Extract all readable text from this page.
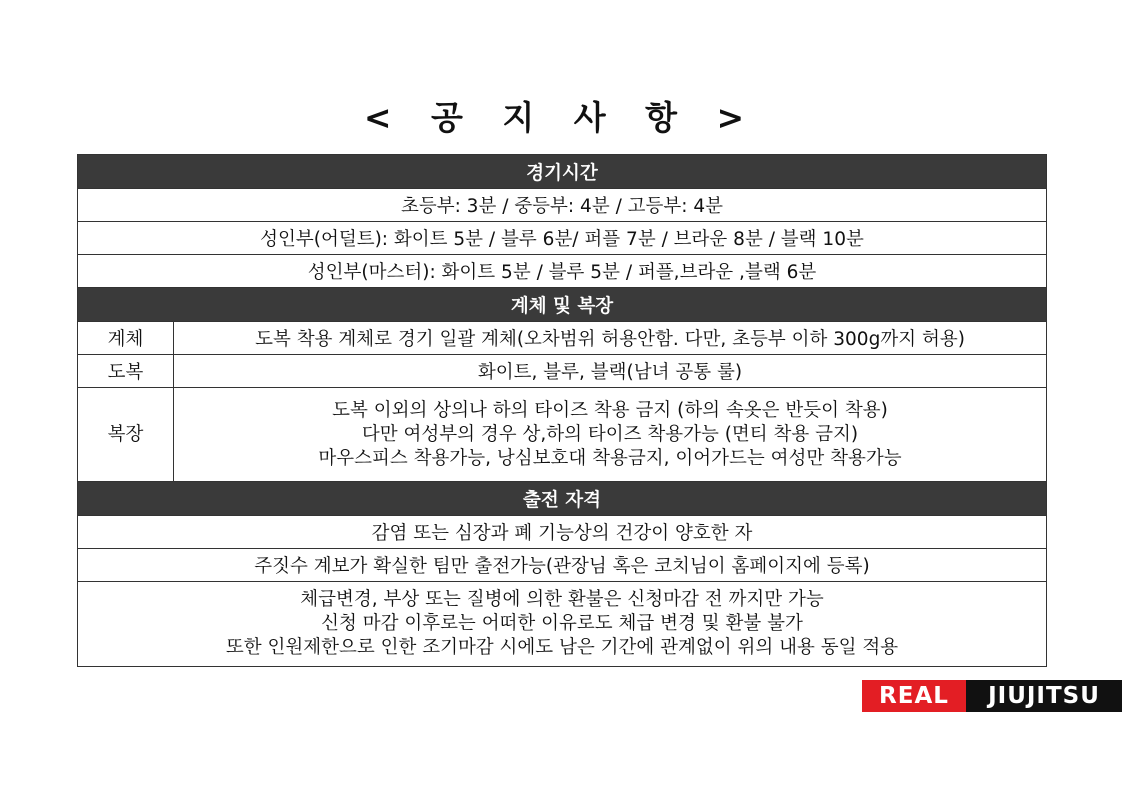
< 공 지 사 항 >
경기시간	
초등부: 3분 / 중등부: 4분 / 고등부: 4분	
성인부(어덜트): 화이트 5분 / 블루 6분/ 퍼플 7분 / 브라운 8분 / 블랙 10분	
성인부(마스터): 화이트 5분 / 블루 5분 / 퍼플,브라운 ,블랙 6분	
계체 및 복장	
계체	도복 착용 계체로 경기 일괄 계체(오차범위 허용안함. 다만, 초등부 이하 300g까지 허용)
도복	화이트, 블루, 블랙(남녀 공통 룰)
복장	도복 이외의 상의나 하의 타이즈 착용 금지 (하의 속옷은 반듯이 착용)
다만 여성부의 경우 상,하의 타이즈 착용가능 (면티 착용 금지)
마우스피스 착용가능, 낭심보호대 착용금지, 이어가드는 여성만 착용가능

출전 자격	
감염 또는 심장과 폐 기능상의 건강이 양호한 자	
주짓수 계보가 확실한 팀만 출전가능(관장님 혹은 코치님이 홈페이지에 등록)	

체급변경, 부상 또는 질병에 의한 환불은 신청마감 전 까지만 가능
신청 마감 이후로는 어떠한 이유로도 체급 변경 및 환불 불가
또한 인원제한으로 인한 조기마감 시에도 남은 기간에 관계없이 위의 내용 동일 적용	
REAL	JIUJITSU
